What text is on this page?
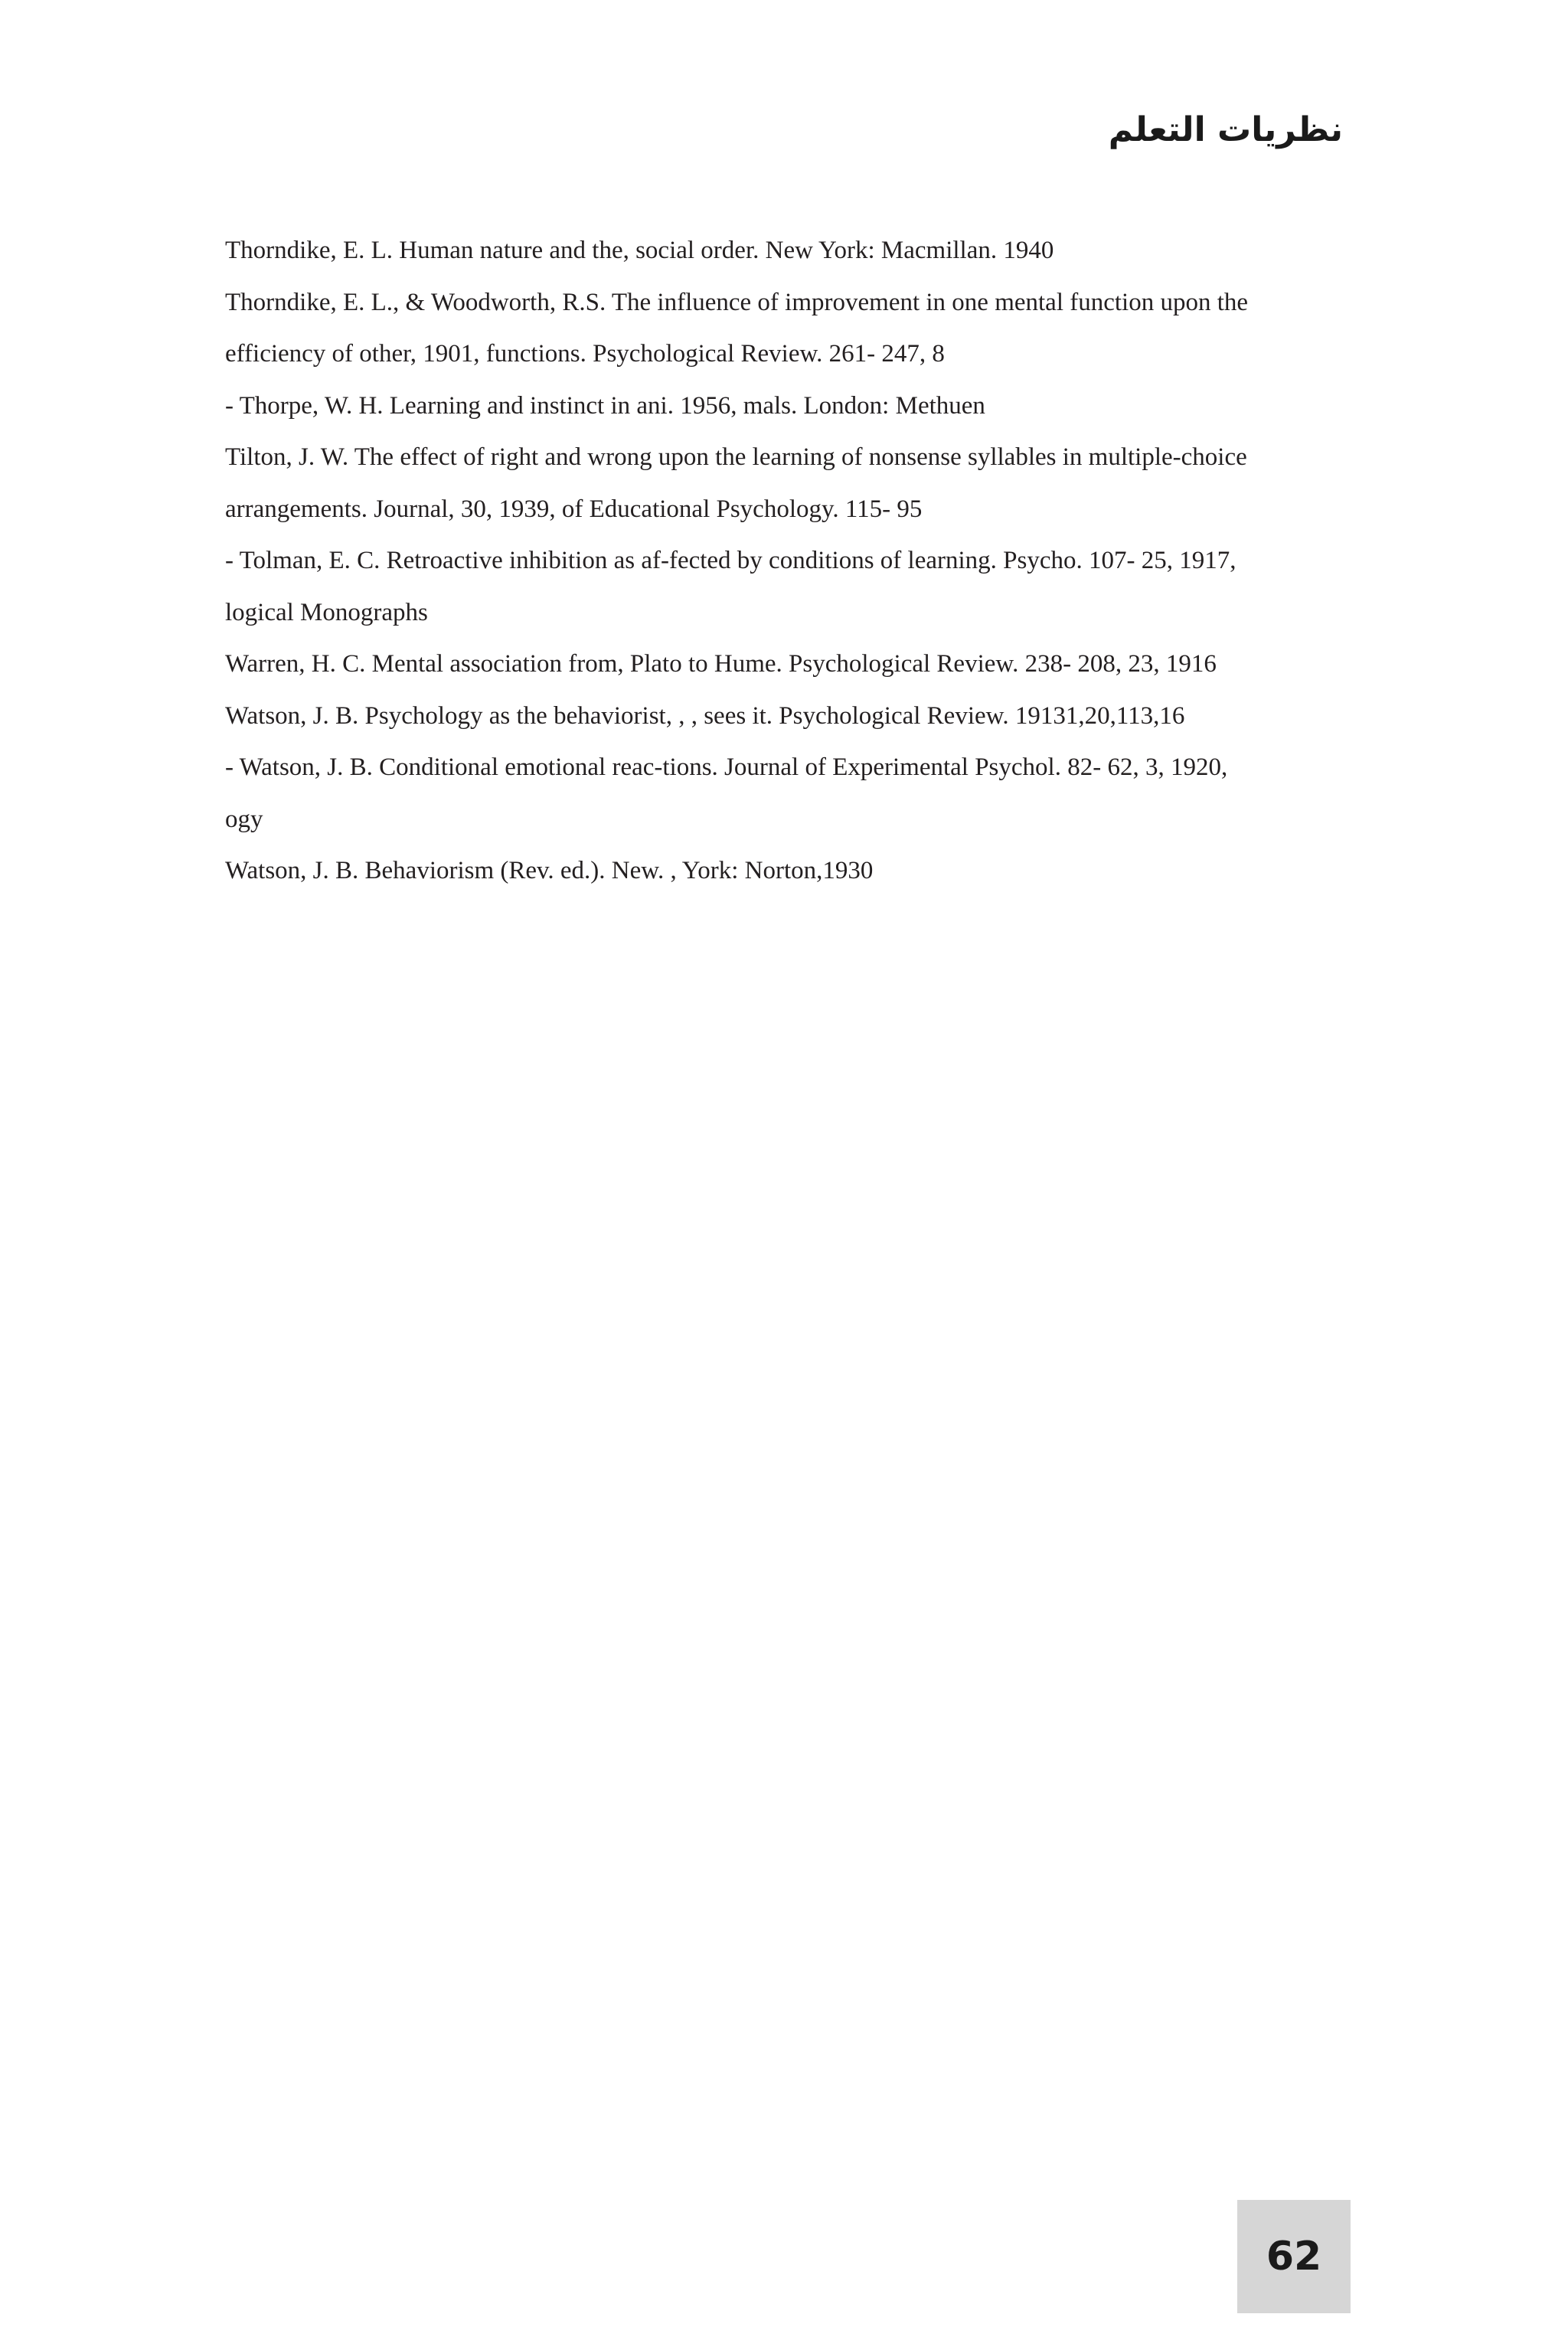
نظريات التعلم
Thorndike, E. L. Human nature and the, social order. New York: Macmillan. 1940
Thorndike, E. L., & Woodworth, R.S. The influence of improvement in one mental function upon the
efficiency of other, 1901, functions. Psychological Review. 261- 247, 8
- Thorpe, W. H. Learning and instinct in ani. 1956, mals. London: Methuen
Tilton, J. W. The effect of right and wrong upon the learning of nonsense syllables in multiple-choice
arrangements. Journal, 30, 1939, of Educational Psychology. 115- 95
- Tolman, E. C. Retroactive inhibition as af-fected by conditions of learning. Psycho. 107- 25, 1917,
logical Monographs
Warren, H. C. Mental association from, Plato to Hume. Psychological Review. 238- 208, 23, 1916
Watson, J. B. Psychology as the behaviorist, , , sees it. Psychological Review. 19131,20,113,16
- Watson, J. B. Conditional emotional reac-tions. Journal of Experimental Psychol. 82- 62, 3, 1920,
ogy
Watson, J. B. Behaviorism (Rev. ed.). New. , York: Norton,1930
62
